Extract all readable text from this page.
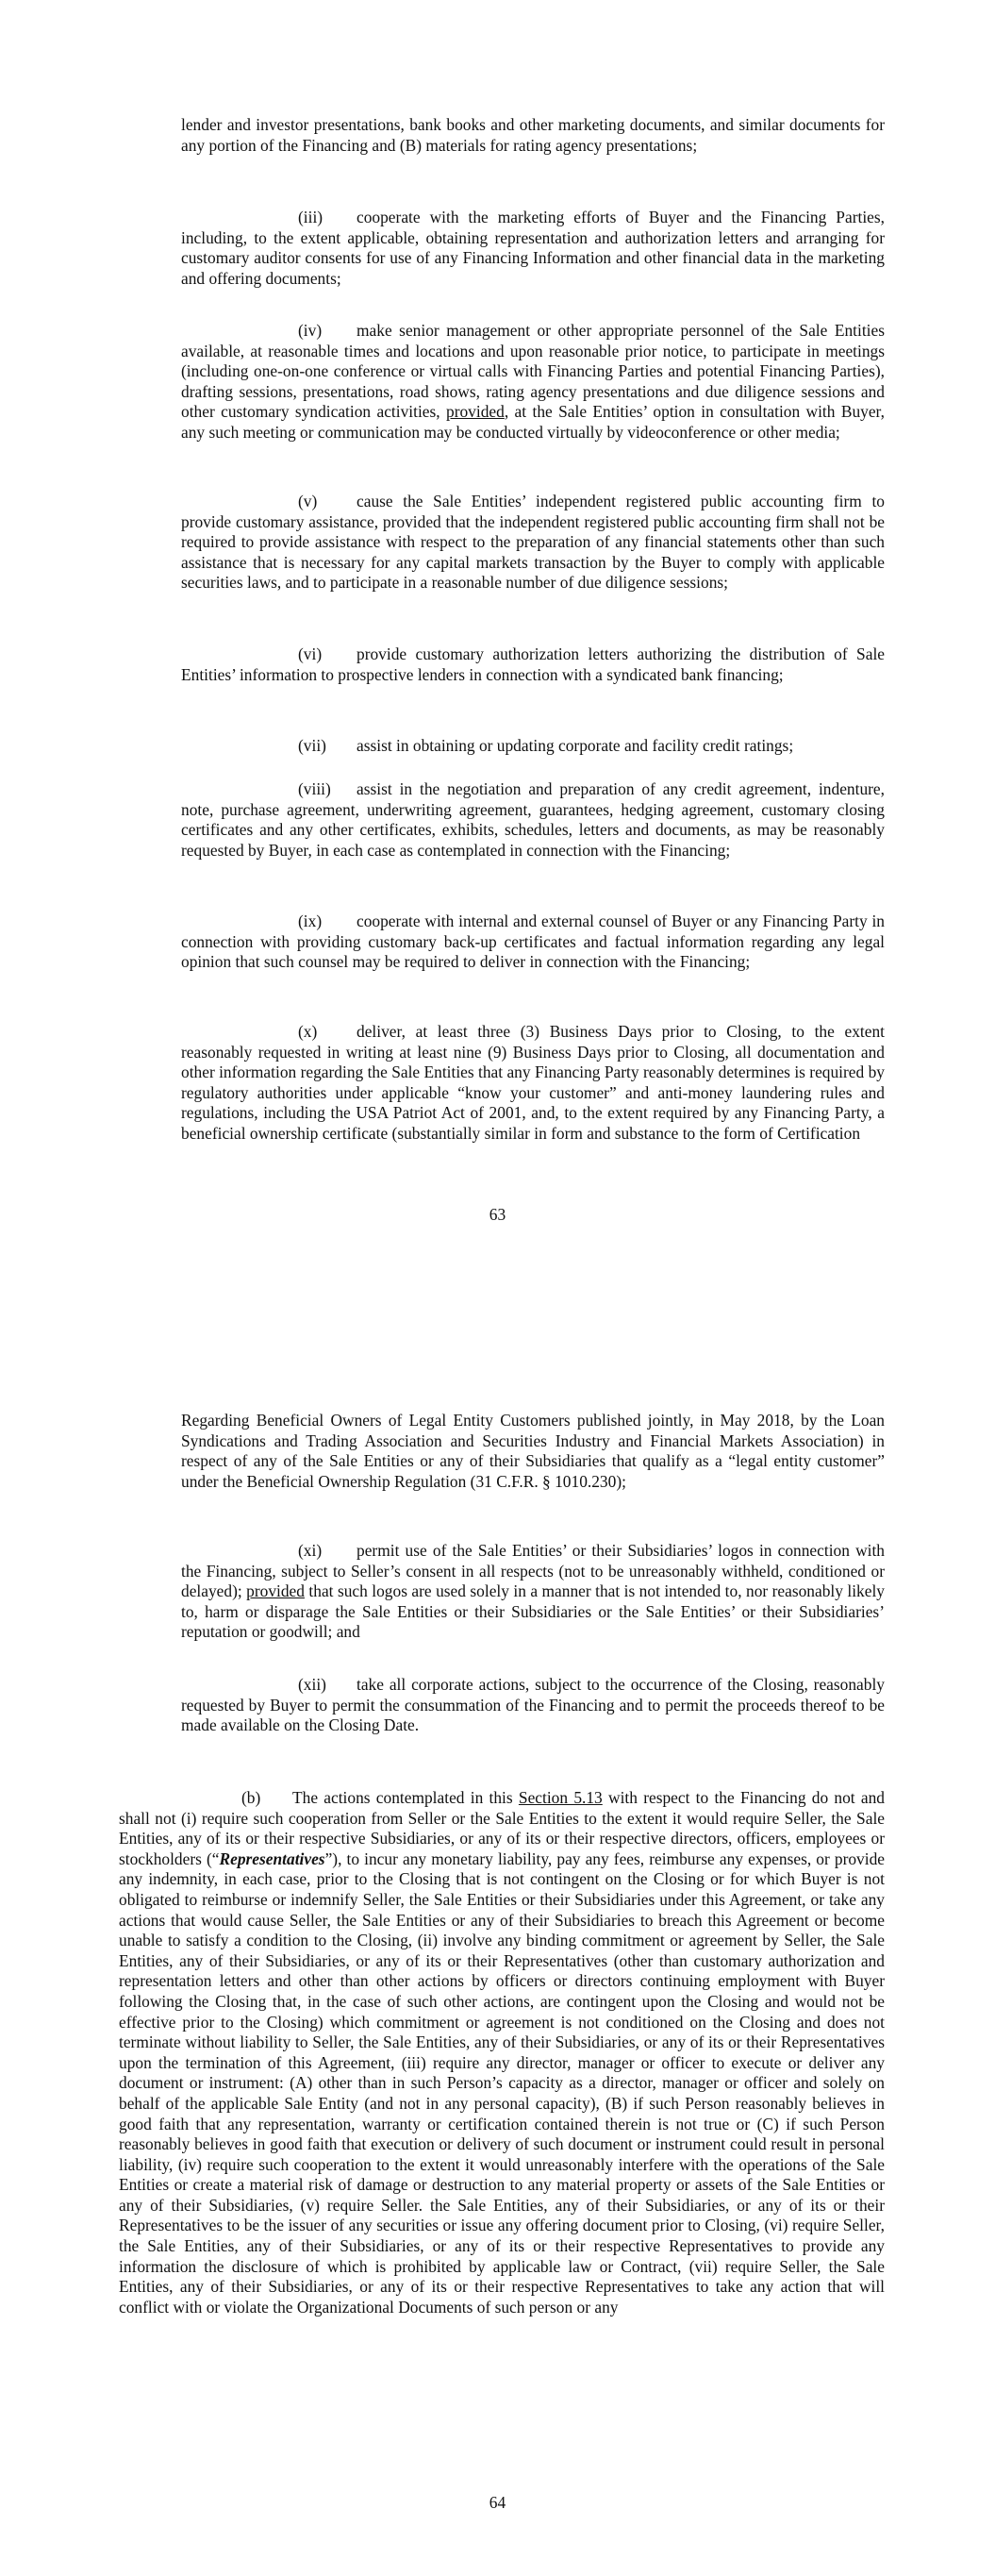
lender and investor presentations, bank books and other marketing documents, and similar documents for any portion of the Financing and (B) materials for rating agency presentations;

(iii) cooperate with the marketing efforts of Buyer and the Financing Parties, including, to the extent applicable, obtaining representation and authorization letters and arranging for customary auditor consents for use of any Financing Information and other financial data in the marketing and offering documents;

(iv) make senior management or other appropriate personnel of the Sale Entities available, at reasonable times and locations and upon reasonable prior notice, to participate in meetings (including one-on-one conference or virtual calls with Financing Parties and potential Financing Parties), drafting sessions, presentations, road shows, rating agency presentations and due diligence sessions and other customary syndication activities, provided, at the Sale Entities’ option in consultation with Buyer, any such meeting or communication may be conducted virtually by videoconference or other media;

(v) cause the Sale Entities’ independent registered public accounting firm to provide customary assistance, provided that the independent registered public accounting firm shall not be required to provide assistance with respect to the preparation of any financial statements other than such assistance that is necessary for any capital markets transaction by the Buyer to comply with applicable securities laws, and to participate in a reasonable number of due diligence sessions;

(vi) provide customary authorization letters authorizing the distribution of Sale Entities’ information to prospective lenders in connection with a syndicated bank financing;

(vii) assist in obtaining or updating corporate and facility credit ratings;

(viii) assist in the negotiation and preparation of any credit agreement, indenture, note, purchase agreement, underwriting agreement, guarantees, hedging agreement, customary closing certificates and any other certificates, exhibits, schedules, letters and documents, as may be reasonably requested by Buyer, in each case as contemplated in connection with the Financing;

(ix) cooperate with internal and external counsel of Buyer or any Financing Party in connection with providing customary back-up certificates and factual information regarding any legal opinion that such counsel may be required to deliver in connection with the Financing;

(x) deliver, at least three (3) Business Days prior to Closing, to the extent reasonably requested in writing at least nine (9) Business Days prior to Closing, all documentation and other information regarding the Sale Entities that any Financing Party reasonably determines is required by regulatory authorities under applicable “know your customer” and anti-money laundering rules and regulations, including the USA Patriot Act of 2001, and, to the extent required by any Financing Party, a beneficial ownership certificate (substantially similar in form and substance to the form of Certification

63

Regarding Beneficial Owners of Legal Entity Customers published jointly, in May 2018, by the Loan Syndications and Trading Association and Securities Industry and Financial Markets Association) in respect of any of the Sale Entities or any of their Subsidiaries that qualify as a “legal entity customer” under the Beneficial Ownership Regulation (31 C.F.R. § 1010.230);

(xi) permit use of the Sale Entities’ or their Subsidiaries’ logos in connection with the Financing, subject to Seller’s consent in all respects (not to be unreasonably withheld, conditioned or delayed); provided that such logos are used solely in a manner that is not intended to, nor reasonably likely to, harm or disparage the Sale Entities or their Subsidiaries or the Sale Entities’ or their Subsidiaries’ reputation or goodwill; and

(xii) take all corporate actions, subject to the occurrence of the Closing, reasonably requested by Buyer to permit the consummation of the Financing and to permit the proceeds thereof to be made available on the Closing Date.

(b) The actions contemplated in this Section 5.13 with respect to the Financing do not and shall not (i) require such cooperation from Seller or the Sale Entities to the extent it would require Seller, the Sale Entities, any of its or their respective Subsidiaries, or any of its or their respective directors, officers, employees or stockholders (“Representatives”), to incur any monetary liability, pay any fees, reimburse any expenses, or provide any indemnity, in each case, prior to the Closing that is not contingent on the Closing or for which Buyer is not obligated to reimburse or indemnify Seller, the Sale Entities or their Subsidiaries under this Agreement, or take any actions that would cause Seller, the Sale Entities or any of their Subsidiaries to breach this Agreement or become unable to satisfy a condition to the Closing, (ii) involve any binding commitment or agreement by Seller, the Sale Entities, any of their Subsidiaries, or any of its or their Representatives (other than customary authorization and representation letters and other than other actions by officers or directors continuing employment with Buyer following the Closing that, in the case of such other actions, are contingent upon the Closing and would not be effective prior to the Closing) which commitment or agreement is not conditioned on the Closing and does not terminate without liability to Seller, the Sale Entities, any of their Subsidiaries, or any of its or their Representatives upon the termination of this Agreement, (iii) require any director, manager or officer to execute or deliver any document or instrument: (A) other than in such Person’s capacity as a director, manager or officer and solely on behalf of the applicable Sale Entity (and not in any personal capacity), (B) if such Person reasonably believes in good faith that any representation, warranty or certification contained therein is not true or (C) if such Person reasonably believes in good faith that execution or delivery of such document or instrument could result in personal liability, (iv) require such cooperation to the extent it would unreasonably interfere with the operations of the Sale Entities or create a material risk of damage or destruction to any material property or assets of the Sale Entities or any of their Subsidiaries, (v) require Seller. the Sale Entities, any of their Subsidiaries, or any of its or their Representatives to be the issuer of any securities or issue any offering document prior to Closing, (vi) require Seller, the Sale Entities, any of their Subsidiaries, or any of its or their respective Representatives to provide any information the disclosure of which is prohibited by applicable law or Contract, (vii) require Seller, the Sale Entities, any of their Subsidiaries, or any of its or their respective Representatives to take any action that will conflict with or violate the Organizational Documents of such person or any

64
